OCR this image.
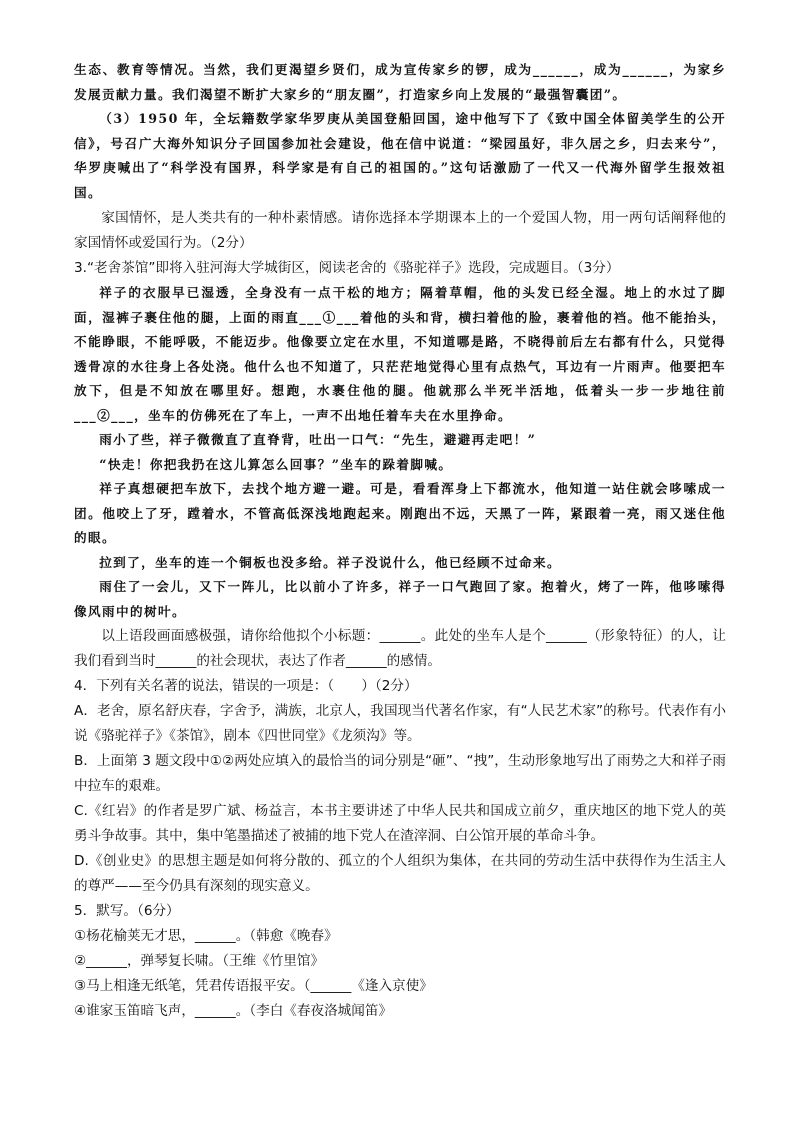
生态、教育等情况。当然，我们更渴望乡贤们，成为宣传家乡的锣，成为______，成为______，为家乡发展贡献力量。我们渴望不断扩大家乡的“朋友圈”，打造家乡向上发展的“最强智囊团”。

（3）1950 年，全坛籍数学家华罗庚从美国登船回国，途中他写下了《致中国全体留美学生的公开信》，号召广大海外知识分子回国参加社会建设，他在信中说道：“梁园虽好，非久居之乡，归去来兮”，华罗庚喊出了“科学没有国界，科学家是有自己的祖国的。”这句话激励了一代又一代海外留学生报效祖国。

家国情怀，是人类共有的一种朴素情感。请你选择本学期课本上的一个爱国人物，用一两句话阐释他的家国情怀或爱国行为。（2分）

3.“老舍茶馆”即将入驻河海大学城街区，阅读老舍的《骆驼祥子》选段，完成题目。（3分）

祥子的衣服早已湿透，全身没有一点干松的地方；隔着草帽，他的头发已经全湿。地上的水过了脚面，湿裤子裹住他的腿，上面的雨直___①___着他的头和背，横扫着他的脸，裹着他的裆。他不能抬头，不能睁眼，不能呼吸，不能迈步。他像要立定在水里，不知道哪是路，不晓得前后左右都有什么，只觉得透骨凉的水往身上各处浇。他什么也不知道了，只茫茫地觉得心里有点热气，耳边有一片雨声。他要把车放下，但是不知放在哪里好。想跑，水裹住他的腿。他就那么半死半活地，低着头一步一步地往前___②___，坐车的仿佛死在了车上，一声不出地任着车夫在水里挣命。

雨小了些，祥子微微直了直脊背，吐出一口气：“先生，避避再走吧！”

“快走！你把我扔在这儿算怎么回事？”坐车的跺着脚喊。

祥子真想硬把车放下，去找个地方避一避。可是，看看浑身上下都流水，他知道一站住就会哆嗦成一团。他咬上了牙，蹚着水，不管高低深浅地跑起来。刚跑出不远，天黑了一阵，紧跟着一亮，雨又迷住他的眼。

拉到了，坐车的连一个铜板也没多给。祥子没说什么，他已经顾不过命来。

雨住了一会儿，又下一阵儿，比以前小了许多，祥子一口气跑回了家。抱着火，烤了一阵，他哆嗦得像风雨中的树叶。

以上语段画面感极强，请你给他拟个小标题：______。此处的坐车人是个______（形象特征）的人，让我们看到当时______的社会现状，表达了作者______的感情。

4．下列有关名著的说法，错误的一项是：（　　）（2分）

A．老舍，原名舒庆春，字舍予，满族，北京人，我国现当代著名作家，有“人民艺术家”的称号。代表作有小说《骆驼祥子》《茶馆》，剧本《四世同堂》《龙须沟》等。

B．上面第 3 题文段中①②两处应填入的最恰当的词分别是“砸”、“拽”，生动形象地写出了雨势之大和祥子雨中拉车的艰难。

C.《红岩》的作者是罗广斌、杨益言，本书主要讲述了中华人民共和国成立前夕，重庆地区的地下党人的英勇斗争故事。其中，集中笔墨描述了被捕的地下党人在渣滓洞、白公馆开展的革命斗争。

D.《创业史》的思想主题是如何将分散的、孤立的个人组织为集体，在共同的劳动生活中获得作为生活主人的尊严——至今仍具有深刻的现实意义。

5．默写。（6分）

①杨花榆荚无才思，______。（韩愈《晚春》

②______，弹琴复长啸。（王维《竹里馆》

③马上相逢无纸笔，凭君传语报平安。（______《逢入京使》

④谁家玉笛暗飞声，______。（李白《春夜洛城闻笛》
